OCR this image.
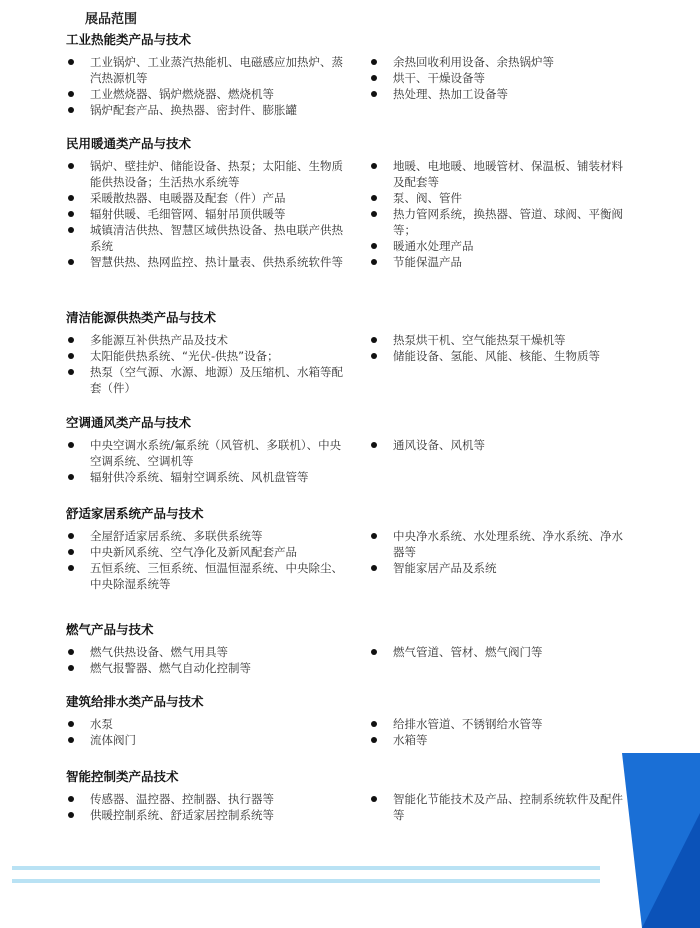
展品范围
工业热能类产品与技术
工业锅炉、工业蒸汽热能机、电磁感应加热炉、蒸汽热源机等
工业燃烧器、锅炉燃烧器、燃烧机等
锅炉配套产品、换热器、密封件、膨胀罐
余热回收利用设备、余热锅炉等
烘干、干燥设备等
热处理、热加工设备等
民用暖通类产品与技术
锅炉、壁挂炉、储能设备、热泵；太阳能、生物质能供热设备；生活热水系统等
采暖散热器、电暖器及配套（件）产品
辐射供暖、毛细管网、辐射吊顶供暖等
城镇清洁供热、智慧区域供热设备、热电联产供热系统
智慧供热、热网监控、热计量表、供热系统软件等
地暖、电地暖、地暖管材、保温板、铺装材料及配套等
泵、阀、管件
热力管网系统，换热器、管道、球阀、平衡阀等；
暖通水处理产品
节能保温产品
清洁能源供热类产品与技术
多能源互补供热产品及技术
太阳能供热系统、“光伏-供热”设备；
热泵（空气源、水源、地源）及压缩机、水箱等配套（件）
热泵烘干机、空气能热泵干燥机等
储能设备、氢能、风能、核能、生物质等
空调通风类产品与技术
中央空调水系统/氟系统（风管机、多联机）、中央空调系统、空调机等
辐射供冷系统、辐射空调系统、风机盘管等
通风设备、风机等
舒适家居系统产品与技术
全屋舒适家居系统、多联供系统等
中央新风系统、空气净化及新风配套产品
五恒系统、三恒系统、恒温恒湿系统、中央除尘、中央除湿系统等
中央净水系统、水处理系统、净水系统、净水器等
智能家居产品及系统
燃气产品与技术
燃气供热设备、燃气用具等
燃气报警器、燃气自动化控制等
燃气管道、管材、燃气阀门等
建筑给排水类产品与技术
水泵
流体阀门
给排水管道、不锈钢给水管等
水箱等
智能控制类产品技术
传感器、温控器、控制器、执行器等
供暖控制系统、舒适家居控制系统等
智能化节能技术及产品、控制系统软件及配件等
